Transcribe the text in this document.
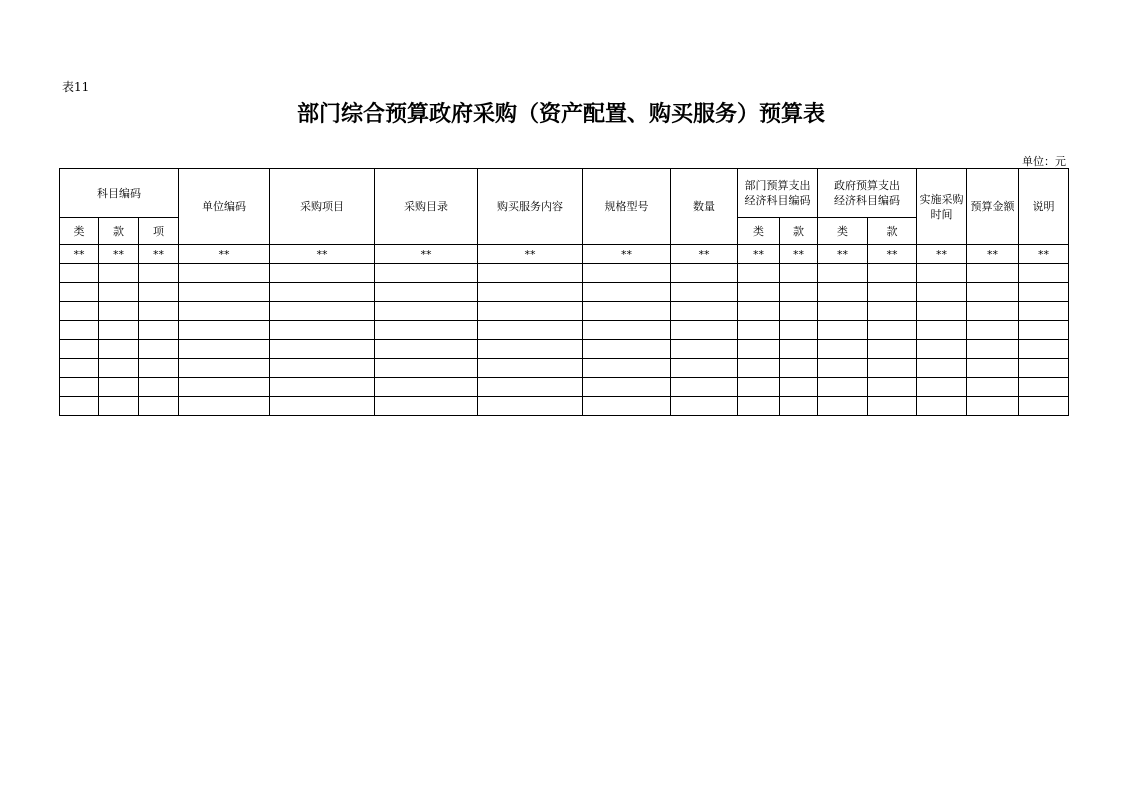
表11
部门综合预算政府采购（资产配置、购买服务）预算表
单位：元
科目编码			单位编码	采购项目	采购目录	购买服务内容	规格型号	数量	部门预算支出经济科目编码		政府预算支出经济科目编码		实施采购时间	预算金额	说明
类	款	项							类	款	类	款			
**	**	**	**	**	**	**	**	**	**	**	**	**	**	**	**
